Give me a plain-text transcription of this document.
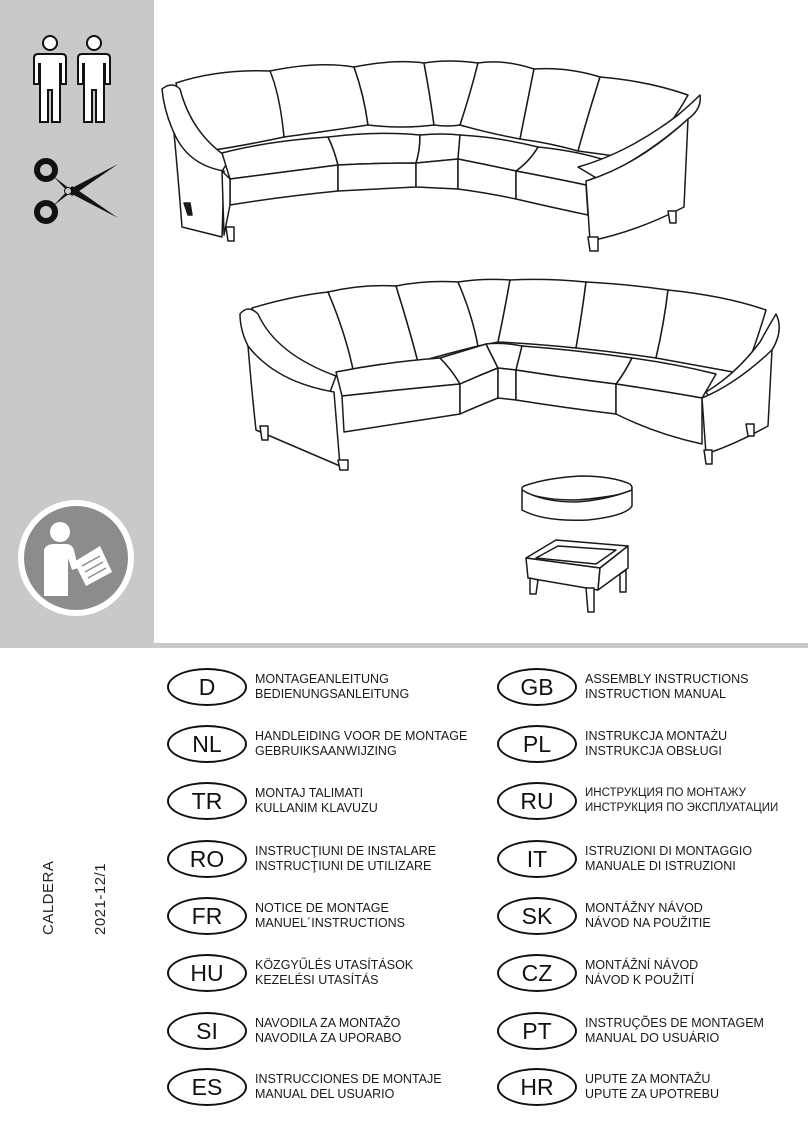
CALDERA 2021-12/1
D	MONTAGEANLEITUNG
BEDIENUNGSANLEITUNG
NL	HANDLEIDING VOOR DE MONTAGE
GEBRUIKSAANWIJZING
TR	MONTAJ TALIMATI
KULLANIM KLAVUZU
RO	INSTRUCŢIUNI DE INSTALARE
INSTRUCŢIUNI DE UTILIZARE
FR	NOTICE DE MONTAGE
MANUEL´INSTRUCTIONS
HU	KÖZGYŰLÉS UTASÍTÁSOK
KEZELÉSI UTASÍTÁS
SI	NAVODILA ZA MONTAŽO
NAVODILA ZA UPORABO
ES	INSTRUCCIONES DE MONTAJE
MANUAL DEL USUARIO
GB	ASSEMBLY INSTRUCTIONS
INSTRUCTION MANUAL
PL	INSTRUKCJA MONTAŻU
INSTRUKCJA OBSŁUGI
RU	ИНСТРУКЦИЯ ПО МОНТАЖУ
ИНСТРУКЦИЯ ПО ЭКСПЛУАТАЦИИ
IT	ISTRUZIONI DI MONTAGGIO
MANUALE DI ISTRUZIONI
SK	MONTÁŽNY NÁVOD
NÁVOD NA POUŽITIE
CZ	MONTÁŽNÍ NÁVOD
NÁVOD K POUŽITÍ
PT	INSTRUÇÕES DE MONTAGEM
MANUAL DO USUÁRIO
HR	UPUTE ZA MONTAŽU
UPUTE ZA UPOTREBU
